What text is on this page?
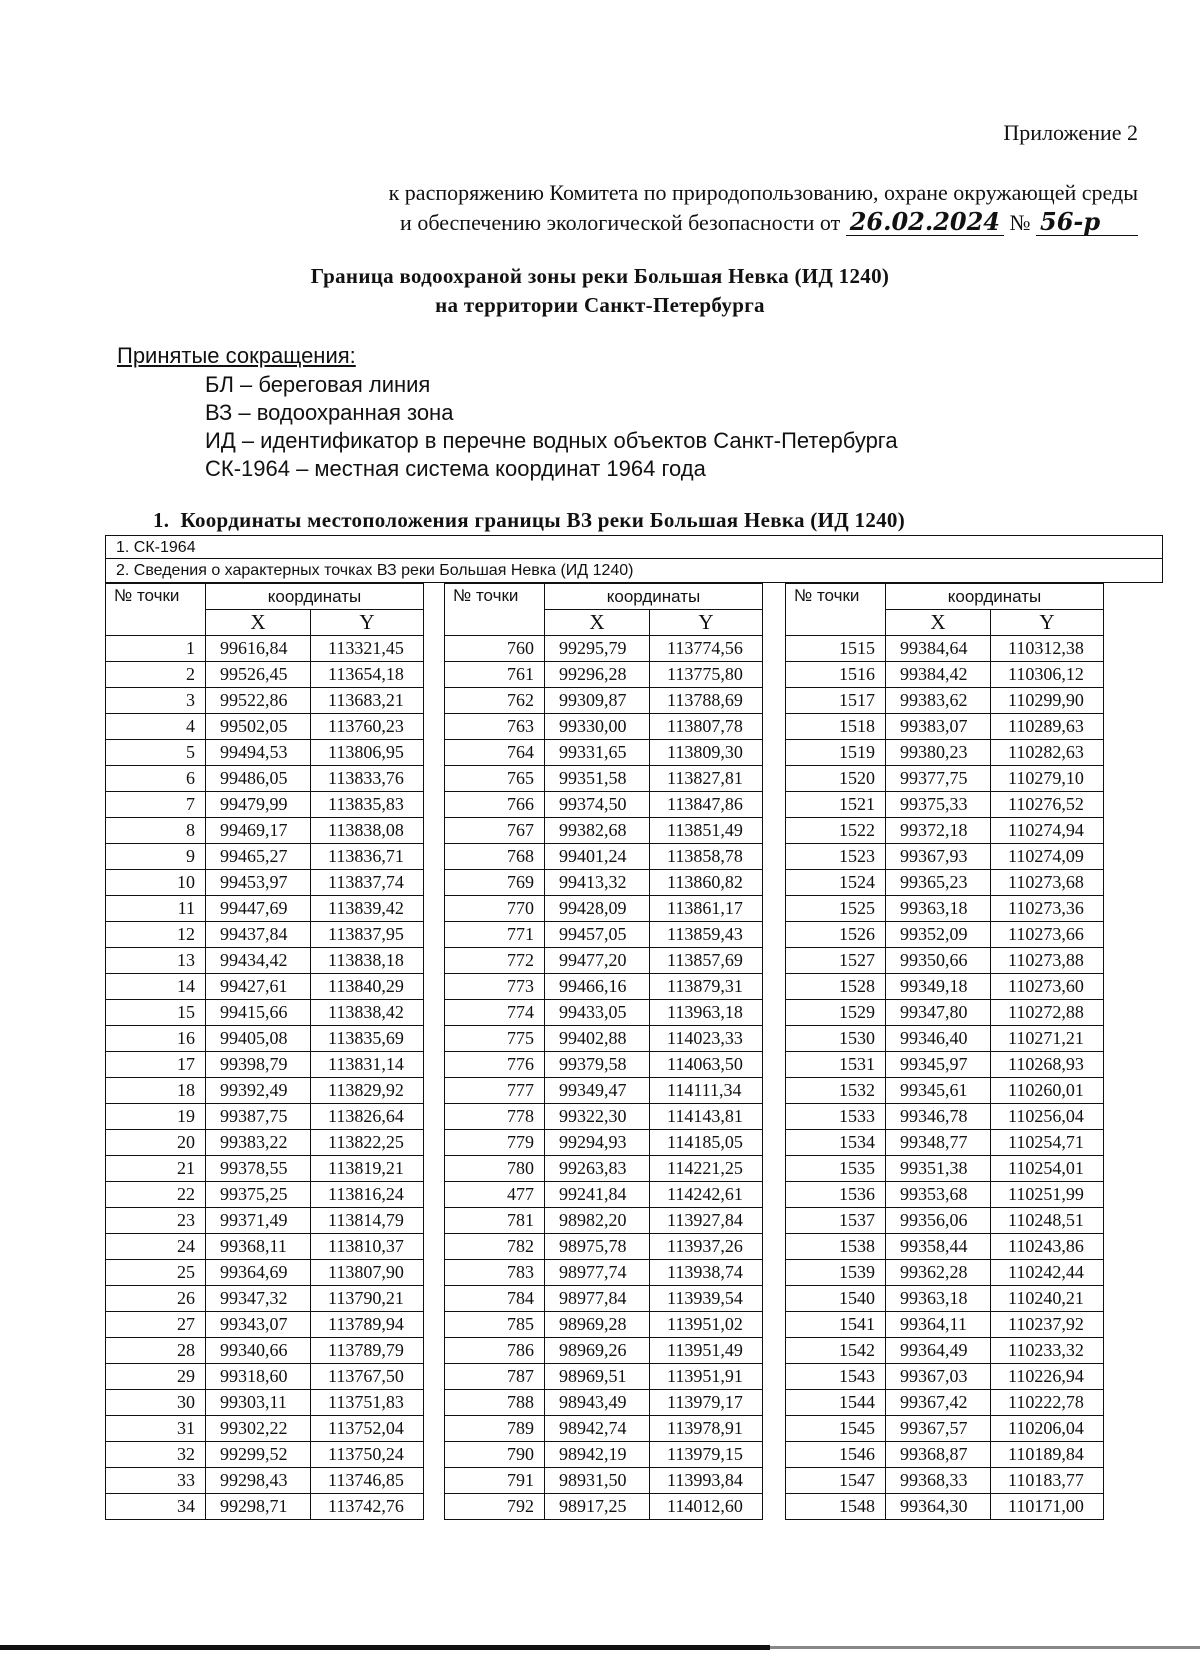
Приложение 2
к распоряжению Комитета по природопользованию, охране окружающей среды
и обеспечению экологической безопасности от 26.02.2024 № 56-р
Граница водоохраной зоны реки Большая Невка (ИД 1240)
на территории Санкт-Петербурга
Принятые сокращения:
БЛ – береговая линия
ВЗ – водоохранная зона
ИД – идентификатор в перечне водных объектов Санкт-Петербурга
СК-1964 – местная система координат 1964 года
1. Координаты местоположения границы ВЗ реки Большая Невка (ИД 1240)
1. СК-1964
2. Сведения о характерных точках ВЗ реки Большая Невка (ИД 1240)
№ точки	координаты	
	X	Y
1	99616,84	113321,45
2	99526,45	113654,18
3	99522,86	113683,21
4	99502,05	113760,23
5	99494,53	113806,95
6	99486,05	113833,76
7	99479,99	113835,83
8	99469,17	113838,08
9	99465,27	113836,71
10	99453,97	113837,74
11	99447,69	113839,42
12	99437,84	113837,95
13	99434,42	113838,18
14	99427,61	113840,29
15	99415,66	113838,42
16	99405,08	113835,69
17	99398,79	113831,14
18	99392,49	113829,92
19	99387,75	113826,64
20	99383,22	113822,25
21	99378,55	113819,21
22	99375,25	113816,24
23	99371,49	113814,79
24	99368,11	113810,37
25	99364,69	113807,90
26	99347,32	113790,21
27	99343,07	113789,94
28	99340,66	113789,79
29	99318,60	113767,50
30	99303,11	113751,83
31	99302,22	113752,04
32	99299,52	113750,24
33	99298,43	113746,85
34	99298,71	113742,76
№ точки	координаты	
	X	Y
760	99295,79	113774,56
761	99296,28	113775,80
762	99309,87	113788,69
763	99330,00	113807,78
764	99331,65	113809,30
765	99351,58	113827,81
766	99374,50	113847,86
767	99382,68	113851,49
768	99401,24	113858,78
769	99413,32	113860,82
770	99428,09	113861,17
771	99457,05	113859,43
772	99477,20	113857,69
773	99466,16	113879,31
774	99433,05	113963,18
775	99402,88	114023,33
776	99379,58	114063,50
777	99349,47	114111,34
778	99322,30	114143,81
779	99294,93	114185,05
780	99263,83	114221,25
477	99241,84	114242,61
781	98982,20	113927,84
782	98975,78	113937,26
783	98977,74	113938,74
784	98977,84	113939,54
785	98969,28	113951,02
786	98969,26	113951,49
787	98969,51	113951,91
788	98943,49	113979,17
789	98942,74	113978,91
790	98942,19	113979,15
791	98931,50	113993,84
792	98917,25	114012,60
№ точки	координаты	
	X	Y
1515	99384,64	110312,38
1516	99384,42	110306,12
1517	99383,62	110299,90
1518	99383,07	110289,63
1519	99380,23	110282,63
1520	99377,75	110279,10
1521	99375,33	110276,52
1522	99372,18	110274,94
1523	99367,93	110274,09
1524	99365,23	110273,68
1525	99363,18	110273,36
1526	99352,09	110273,66
1527	99350,66	110273,88
1528	99349,18	110273,60
1529	99347,80	110272,88
1530	99346,40	110271,21
1531	99345,97	110268,93
1532	99345,61	110260,01
1533	99346,78	110256,04
1534	99348,77	110254,71
1535	99351,38	110254,01
1536	99353,68	110251,99
1537	99356,06	110248,51
1538	99358,44	110243,86
1539	99362,28	110242,44
1540	99363,18	110240,21
1541	99364,11	110237,92
1542	99364,49	110233,32
1543	99367,03	110226,94
1544	99367,42	110222,78
1545	99367,57	110206,04
1546	99368,87	110189,84
1547	99368,33	110183,77
1548	99364,30	110171,00
